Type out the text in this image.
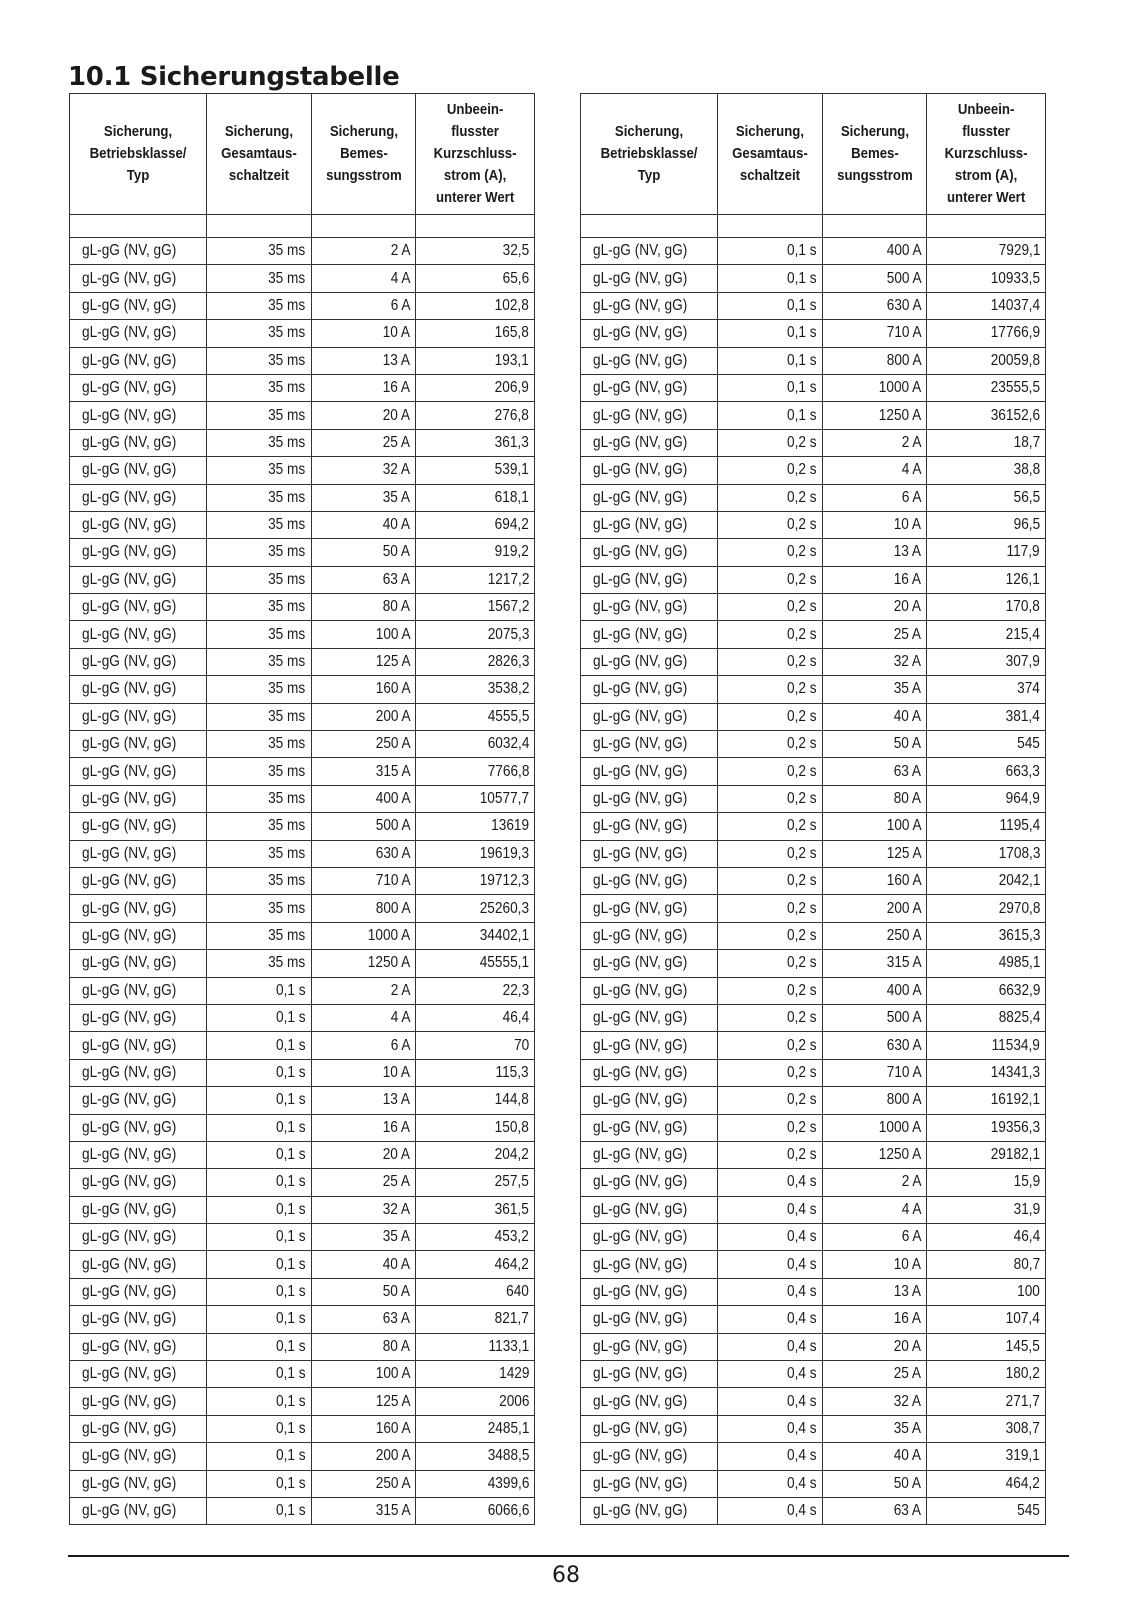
10.1 Sicherungstabelle
Sicherung,
Betriebsklasse/
Typ	Sicherung,
Gesamtaus-
schaltzeit	Sicherung,
Bemes-
sungsstrom	Unbeein-
flusster
Kurzschluss-
strom (A),
unterer Wert

gL-gG (NV, gG)	35 ms	2 A	32,5
gL-gG (NV, gG)	35 ms	4 A	65,6
gL-gG (NV, gG)	35 ms	6 A	102,8
gL-gG (NV, gG)	35 ms	10 A	165,8
gL-gG (NV, gG)	35 ms	13 A	193,1
gL-gG (NV, gG)	35 ms	16 A	206,9
gL-gG (NV, gG)	35 ms	20 A	276,8
gL-gG (NV, gG)	35 ms	25 A	361,3
gL-gG (NV, gG)	35 ms	32 A	539,1
gL-gG (NV, gG)	35 ms	35 A	618,1
gL-gG (NV, gG)	35 ms	40 A	694,2
gL-gG (NV, gG)	35 ms	50 A	919,2
gL-gG (NV, gG)	35 ms	63 A	1217,2
gL-gG (NV, gG)	35 ms	80 A	1567,2
gL-gG (NV, gG)	35 ms	100 A	2075,3
gL-gG (NV, gG)	35 ms	125 A	2826,3
gL-gG (NV, gG)	35 ms	160 A	3538,2
gL-gG (NV, gG)	35 ms	200 A	4555,5
gL-gG (NV, gG)	35 ms	250 A	6032,4
gL-gG (NV, gG)	35 ms	315 A	7766,8
gL-gG (NV, gG)	35 ms	400 A	10577,7
gL-gG (NV, gG)	35 ms	500 A	13619
gL-gG (NV, gG)	35 ms	630 A	19619,3
gL-gG (NV, gG)	35 ms	710 A	19712,3
gL-gG (NV, gG)	35 ms	800 A	25260,3
gL-gG (NV, gG)	35 ms	1000 A	34402,1
gL-gG (NV, gG)	35 ms	1250 A	45555,1
gL-gG (NV, gG)	0,1 s	2 A	22,3
gL-gG (NV, gG)	0,1 s	4 A	46,4
gL-gG (NV, gG)	0,1 s	6 A	70
gL-gG (NV, gG)	0,1 s	10 A	115,3
gL-gG (NV, gG)	0,1 s	13 A	144,8
gL-gG (NV, gG)	0,1 s	16 A	150,8
gL-gG (NV, gG)	0,1 s	20 A	204,2
gL-gG (NV, gG)	0,1 s	25 A	257,5
gL-gG (NV, gG)	0,1 s	32 A	361,5
gL-gG (NV, gG)	0,1 s	35 A	453,2
gL-gG (NV, gG)	0,1 s	40 A	464,2
gL-gG (NV, gG)	0,1 s	50 A	640
gL-gG (NV, gG)	0,1 s	63 A	821,7
gL-gG (NV, gG)	0,1 s	80 A	1133,1
gL-gG (NV, gG)	0,1 s	100 A	1429
gL-gG (NV, gG)	0,1 s	125 A	2006
gL-gG (NV, gG)	0,1 s	160 A	2485,1
gL-gG (NV, gG)	0,1 s	200 A	3488,5
gL-gG (NV, gG)	0,1 s	250 A	4399,6
gL-gG (NV, gG)	0,1 s	315 A	6066,6
Sicherung,
Betriebsklasse/
Typ	Sicherung,
Gesamtaus-
schaltzeit	Sicherung,
Bemes-
sungsstrom	Unbeein-
flusster
Kurzschluss-
strom (A),
unterer Wert

gL-gG (NV, gG)	0,1 s	400 A	7929,1
gL-gG (NV, gG)	0,1 s	500 A	10933,5
gL-gG (NV, gG)	0,1 s	630 A	14037,4
gL-gG (NV, gG)	0,1 s	710 A	17766,9
gL-gG (NV, gG)	0,1 s	800 A	20059,8
gL-gG (NV, gG)	0,1 s	1000 A	23555,5
gL-gG (NV, gG)	0,1 s	1250 A	36152,6
gL-gG (NV, gG)	0,2 s	2 A	18,7
gL-gG (NV, gG)	0,2 s	4 A	38,8
gL-gG (NV, gG)	0,2 s	6 A	56,5
gL-gG (NV, gG)	0,2 s	10 A	96,5
gL-gG (NV, gG)	0,2 s	13 A	117,9
gL-gG (NV, gG)	0,2 s	16 A	126,1
gL-gG (NV, gG)	0,2 s	20 A	170,8
gL-gG (NV, gG)	0,2 s	25 A	215,4
gL-gG (NV, gG)	0,2 s	32 A	307,9
gL-gG (NV, gG)	0,2 s	35 A	374
gL-gG (NV, gG)	0,2 s	40 A	381,4
gL-gG (NV, gG)	0,2 s	50 A	545
gL-gG (NV, gG)	0,2 s	63 A	663,3
gL-gG (NV, gG)	0,2 s	80 A	964,9
gL-gG (NV, gG)	0,2 s	100 A	1195,4
gL-gG (NV, gG)	0,2 s	125 A	1708,3
gL-gG (NV, gG)	0,2 s	160 A	2042,1
gL-gG (NV, gG)	0,2 s	200 A	2970,8
gL-gG (NV, gG)	0,2 s	250 A	3615,3
gL-gG (NV, gG)	0,2 s	315 A	4985,1
gL-gG (NV, gG)	0,2 s	400 A	6632,9
gL-gG (NV, gG)	0,2 s	500 A	8825,4
gL-gG (NV, gG)	0,2 s	630 A	11534,9
gL-gG (NV, gG)	0,2 s	710 A	14341,3
gL-gG (NV, gG)	0,2 s	800 A	16192,1
gL-gG (NV, gG)	0,2 s	1000 A	19356,3
gL-gG (NV, gG)	0,2 s	1250 A	29182,1
gL-gG (NV, gG)	0,4 s	2 A	15,9
gL-gG (NV, gG)	0,4 s	4 A	31,9
gL-gG (NV, gG)	0,4 s	6 A	46,4
gL-gG (NV, gG)	0,4 s	10 A	80,7
gL-gG (NV, gG)	0,4 s	13 A	100
gL-gG (NV, gG)	0,4 s	16 A	107,4
gL-gG (NV, gG)	0,4 s	20 A	145,5
gL-gG (NV, gG)	0,4 s	25 A	180,2
gL-gG (NV, gG)	0,4 s	32 A	271,7
gL-gG (NV, gG)	0,4 s	35 A	308,7
gL-gG (NV, gG)	0,4 s	40 A	319,1
gL-gG (NV, gG)	0,4 s	50 A	464,2
gL-gG (NV, gG)	0,4 s	63 A	545
68
